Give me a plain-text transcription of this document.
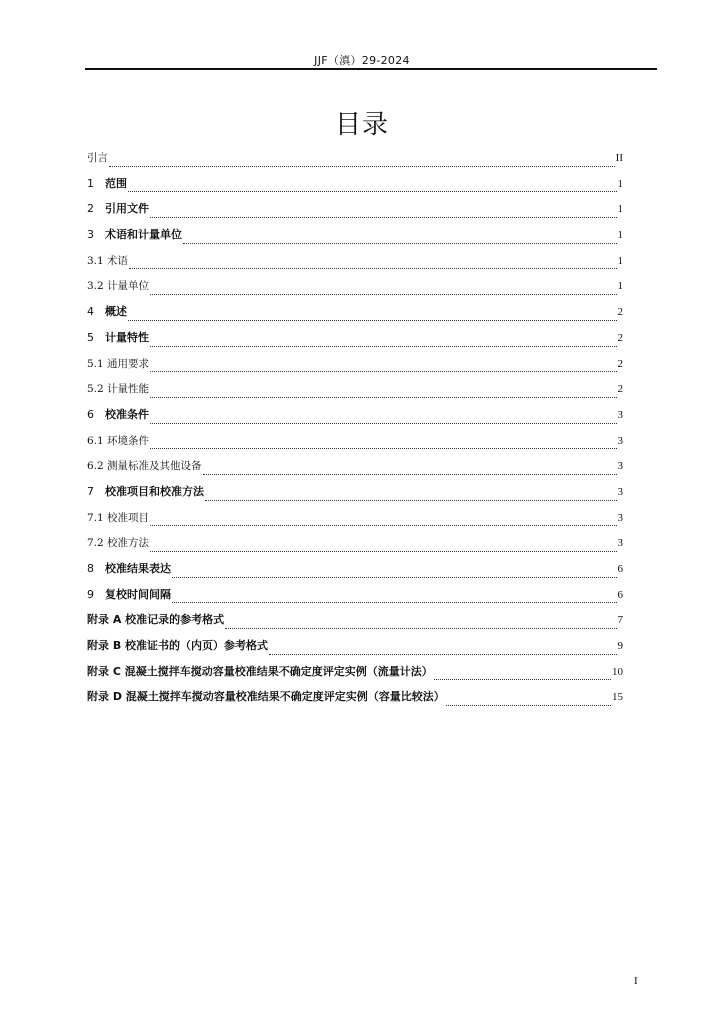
JJF（滇）29-2024
目录
引言	II
1　 范围	1
2　 引用文件	1
3　 术语和计量单位	1
3.1 术语	1
3.2 计量单位	1
4　 概述	2
5　 计量特性	2
5.1 通用要求	2
5.2 计量性能	2
6　 校准条件	3
6.1 环境条件	3
6.2 测量标准及其他设备	3
7　 校准项目和校准方法	3
7.1 校准项目	3
7.2 校准方法	3
8　 校准结果表达	6
9　 复校时间间隔	6
附录 A 校准记录的参考格式	7
附录 B 校准证书的（内页）参考格式	9
附录 C 混凝土搅拌车搅动容量校准结果不确定度评定实例（流量计法）	10
附录 D 混凝土搅拌车搅动容量校准结果不确定度评定实例（容量比较法）	15
I
